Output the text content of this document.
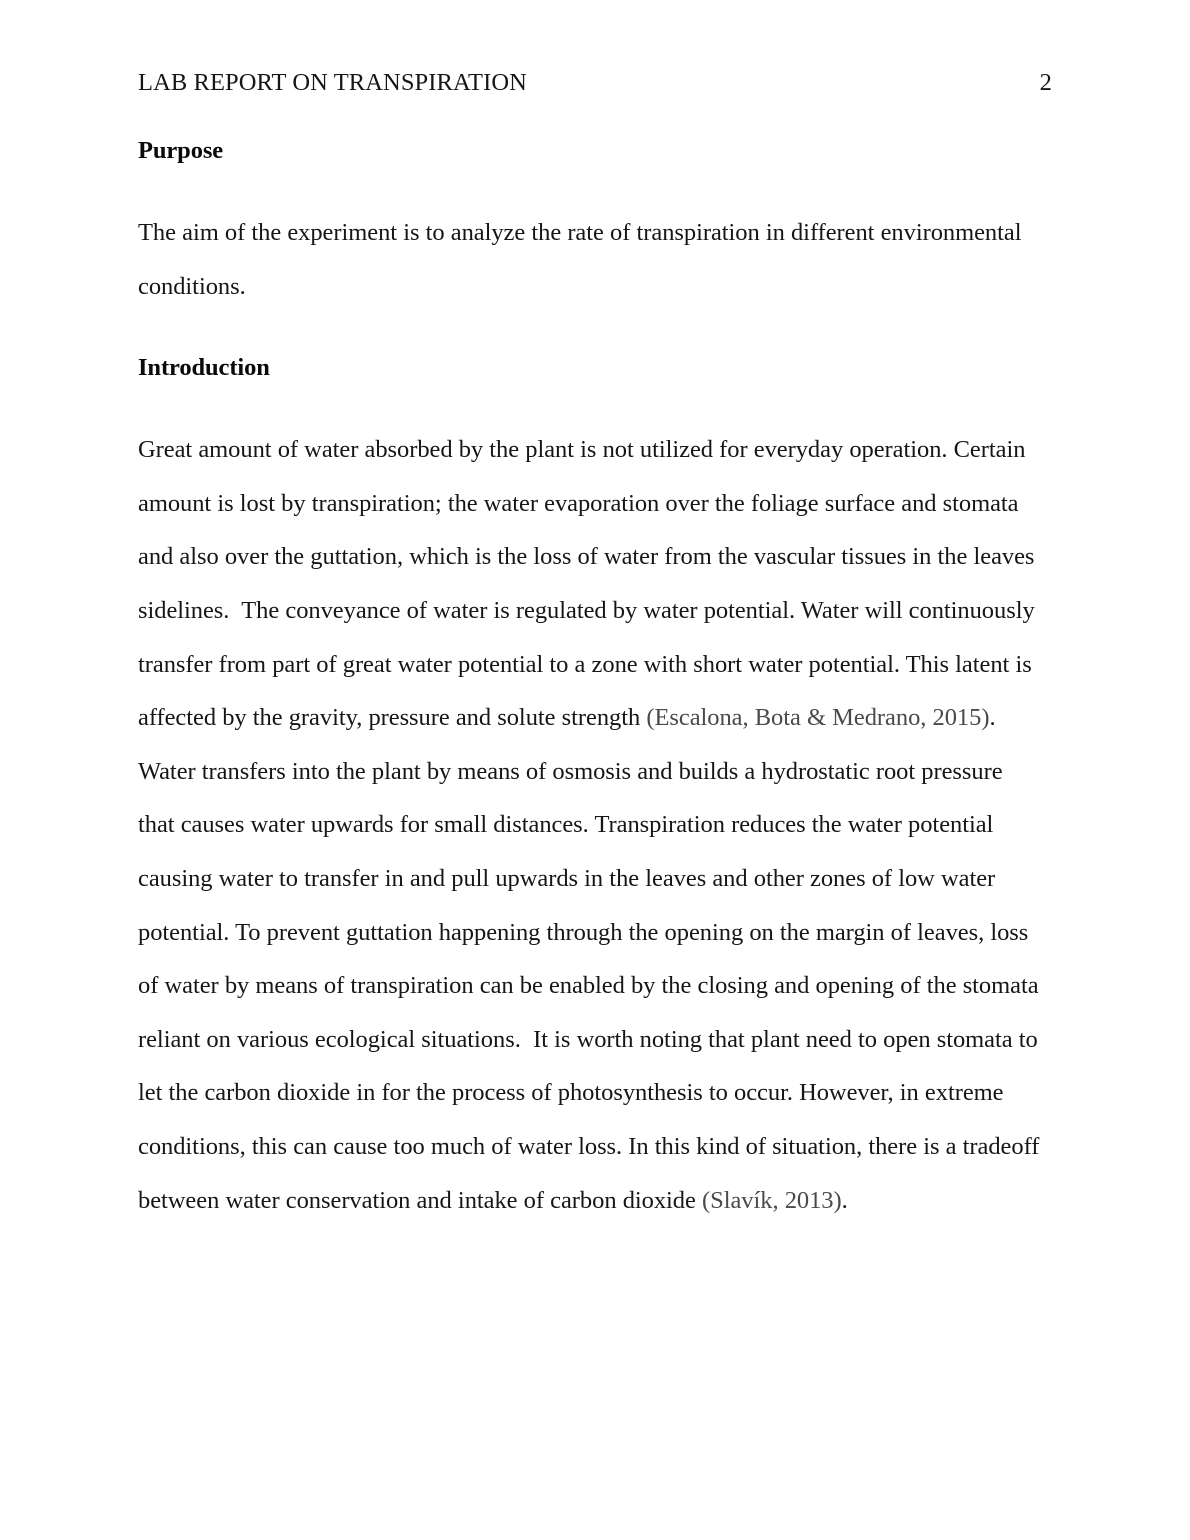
LAB REPORT ON TRANSPIRATION	2
Purpose

The aim of the experiment is to analyze the rate of transpiration in different environmental conditions.

Introduction

Great amount of water absorbed by the plant is not utilized for everyday operation. Certain amount is lost by transpiration; the water evaporation over the foliage surface and stomata and also over the guttation, which is the loss of water from the vascular tissues in the leaves sidelines.  The conveyance of water is regulated by water potential. Water will continuously transfer from part of great water potential to a zone with short water potential. This latent is affected by the gravity, pressure and solute strength (Escalona, Bota & Medrano, 2015). Water transfers into the plant by means of osmosis and builds a hydrostatic root pressure that causes water upwards for small distances. Transpiration reduces the water potential causing water to transfer in and pull upwards in the leaves and other zones of low water potential. To prevent guttation happening through the opening on the margin of leaves, loss of water by means of transpiration can be enabled by the closing and opening of the stomata reliant on various ecological situations.  It is worth noting that plant need to open stomata to let the carbon dioxide in for the process of photosynthesis to occur. However, in extreme conditions, this can cause too much of water loss. In this kind of situation, there is a tradeoff between water conservation and intake of carbon dioxide (Slavík, 2013).
